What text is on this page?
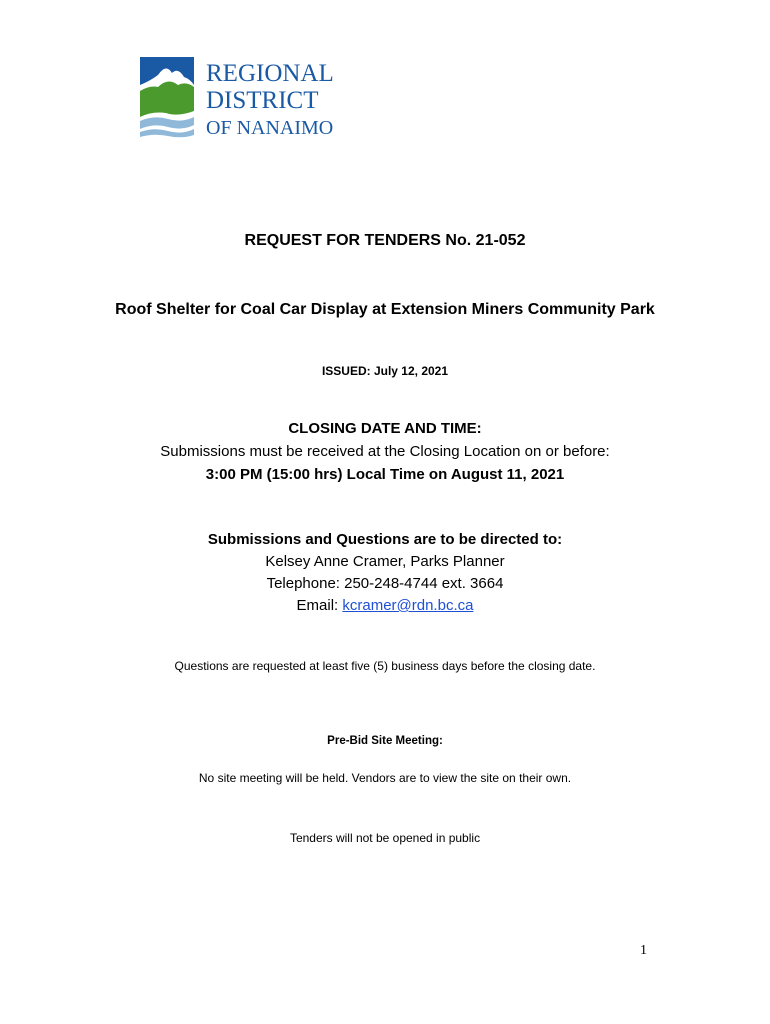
REGIONAL
DISTRICT
OF NANAIMO
REQUEST FOR TENDERS No. 21-052
Roof Shelter for Coal Car Display at Extension Miners Community Park
ISSUED: July 12, 2021
CLOSING DATE AND TIME:
Submissions must be received at the Closing Location on or before:
3:00 PM (15:00 hrs) Local Time on August 11, 2021
Submissions and Questions are to be directed to:
Kelsey Anne Cramer, Parks Planner
Telephone: 250-248-4744 ext. 3664
Email: kcramer@rdn.bc.ca
Questions are requested at least five (5) business days before the closing date.
Pre-Bid Site Meeting:
No site meeting will be held. Vendors are to view the site on their own.
Tenders will not be opened in public
1
